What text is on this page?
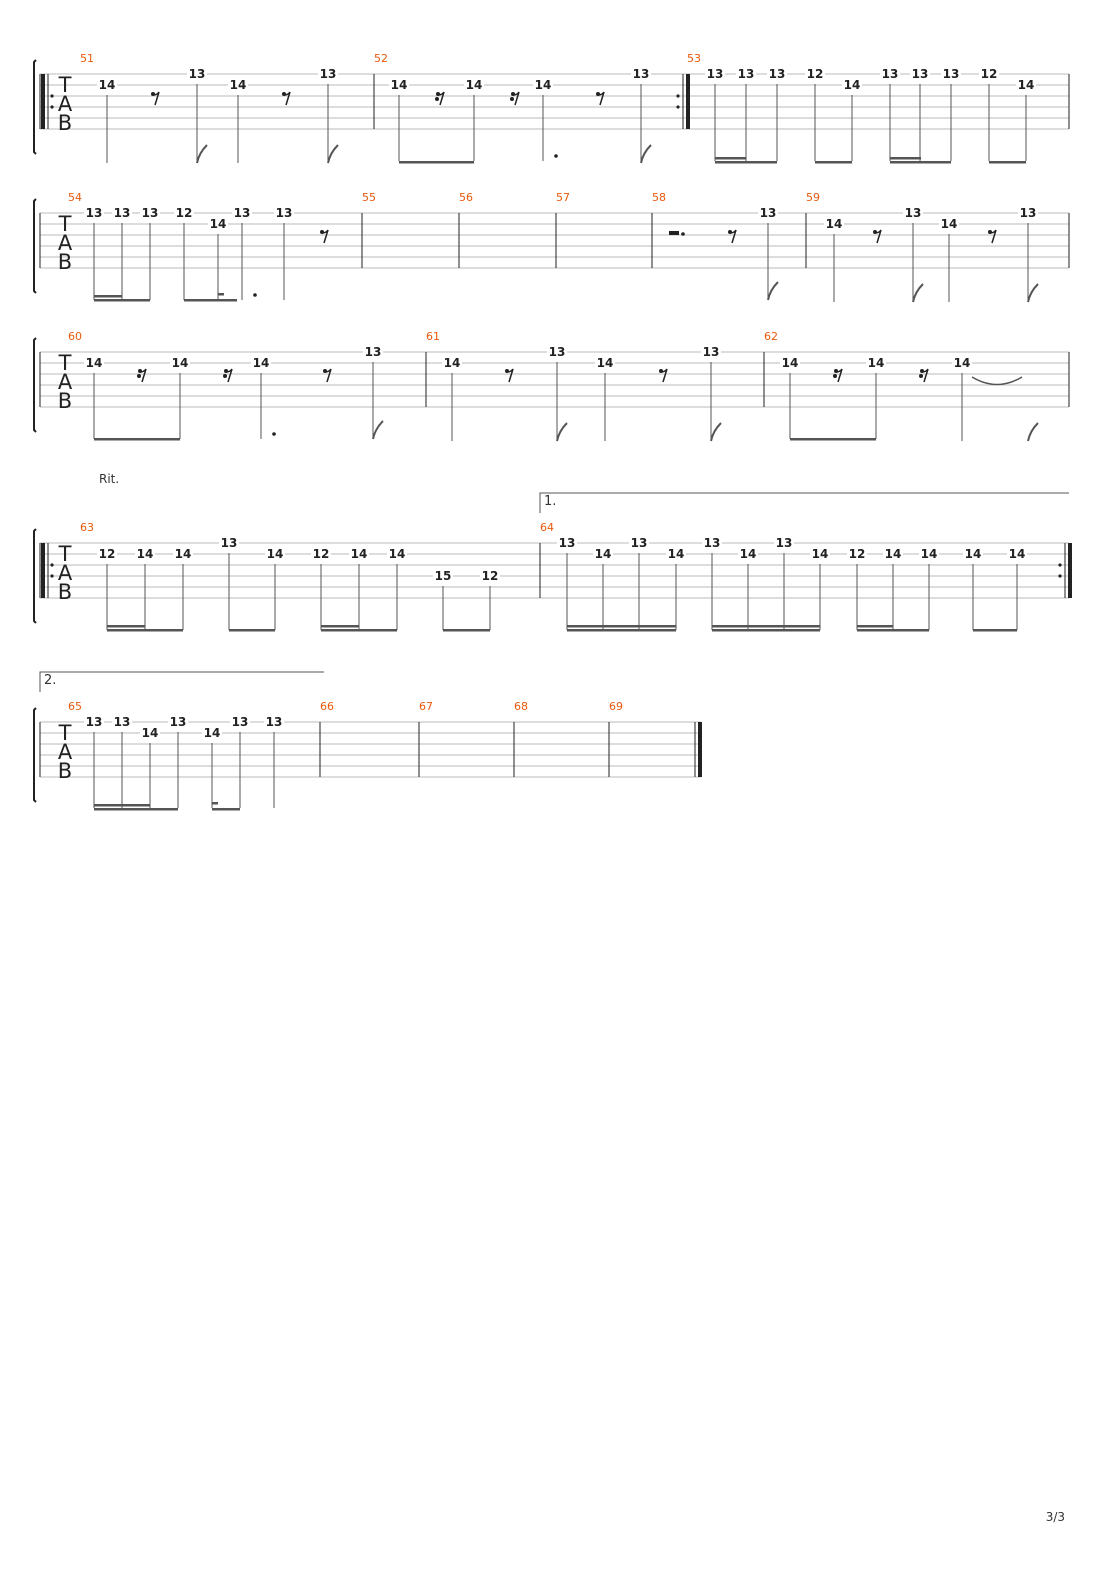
T
A
B
51
14
13
14
13
52
14	14	14
13
53
13 13 13 12
14
13 13 13 12
14
T
A
B
54
13 13 13 12
14
13 13
55	56	57	58
13
59
14
13
14
13
T
A
B
60
14	14	14
13
61
14
13
14
13
62
14	14	14
T
A
B
63
12 14 14
13
14 12 14 14
15	12
64
13
14
13
14
13
14
13
14 12 14 14 14 14
Rit.
1.
T
A
B
65
13 13
14
13
14
13 13
66	67	68	69
2.
3/3
